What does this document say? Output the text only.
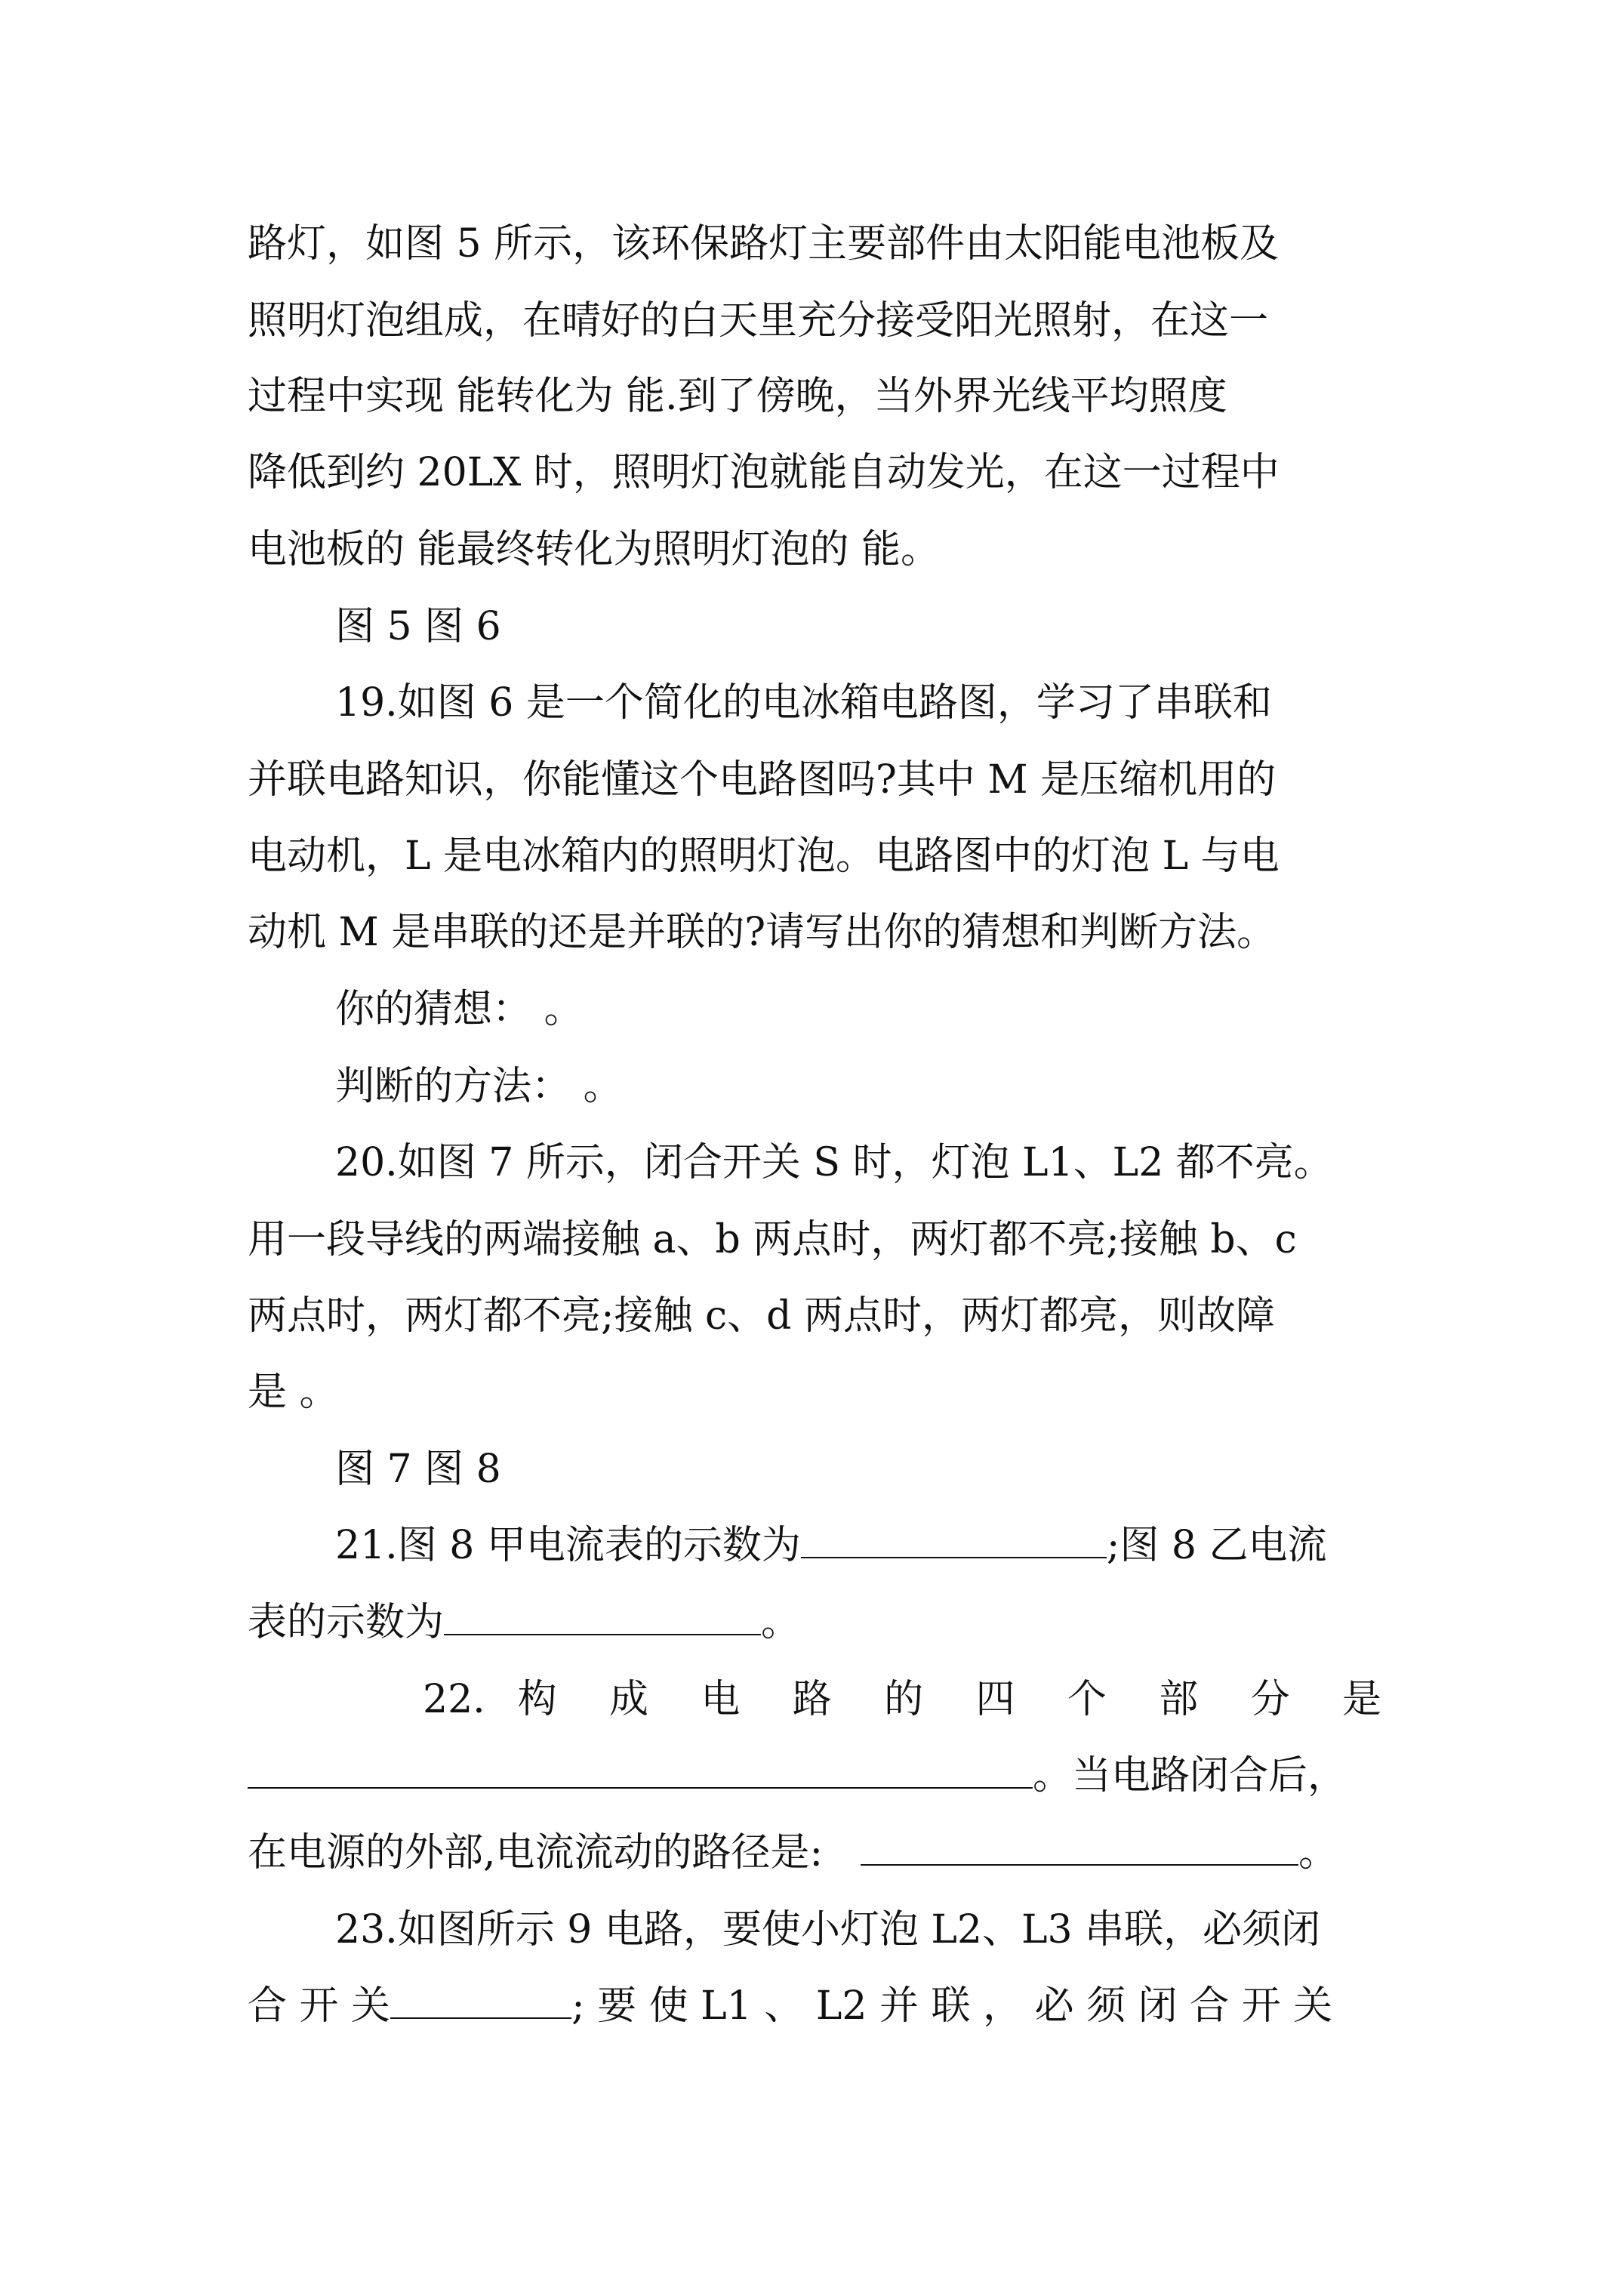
路灯，如图 5 所示，该环保路灯主要部件由太阳能电池板及
照明灯泡组成，在晴好的白天里充分接受阳光照射，在这一
过程中实现 能转化为 能.到了傍晚，当外界光线平均照度
降低到约 20LX 时，照明灯泡就能自动发光，在这一过程中
电池板的 能最终转化为照明灯泡的 能。
图 5 图 6
19.如图 6 是一个简化的电冰箱电路图，学习了串联和
并联电路知识，你能懂这个电路图吗?其中 M 是压缩机用的
电动机，L 是电冰箱内的照明灯泡。电路图中的灯泡 L 与电
动机 M 是串联的还是并联的?请写出你的猜想和判断方法。
你的猜想： 。
判断的方法： 。
20.如图 7 所示，闭合开关 S 时，灯泡 L1、L2 都不亮。
用一段导线的两端接触 a、b 两点时，两灯都不亮;接触 b、c
两点时，两灯都不亮;接触 c、d 两点时，两灯都亮，则故障
是 。
图 7 图 8
21.图 8 甲电流表的示数为	;图 8 乙电流
表的示数为	。
22. 构 成 电 路 的 四 个 部 分 是
。当电路闭合后，
在电源的外部,电流流动的路径是:	。
23.如图所示 9 电路，要使小灯泡 L2、L3 串联，必须闭
合 开 关	; 要 使 L1 、 L2 并 联 ， 必 须 闭 合 开 关
